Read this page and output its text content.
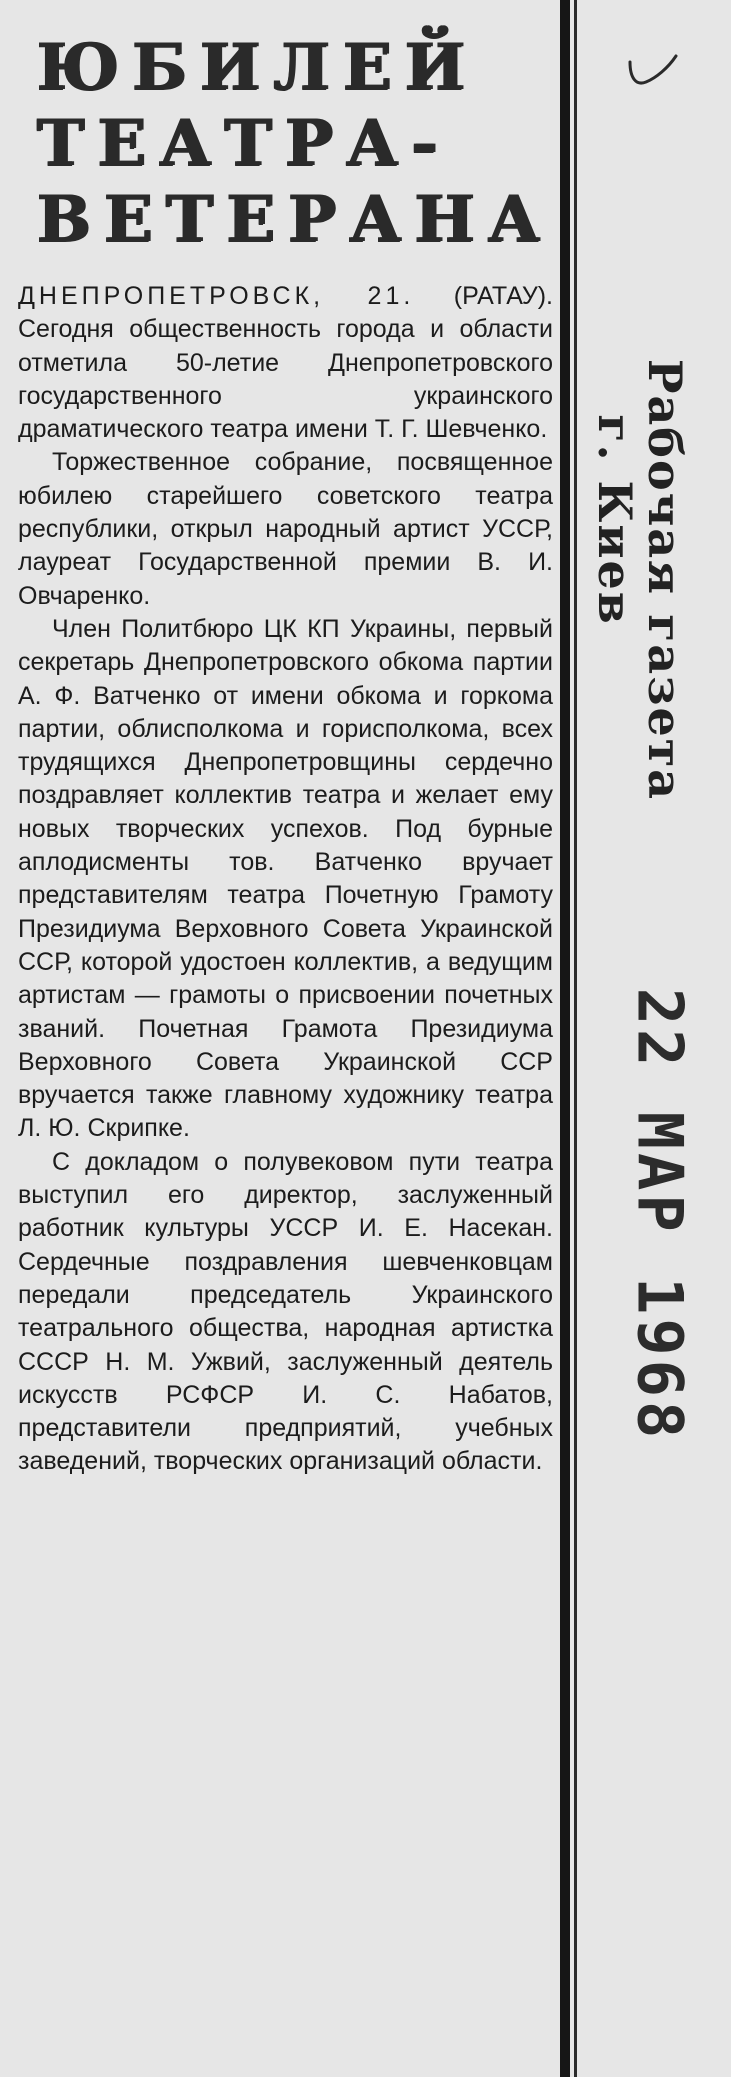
ЮБИЛЕЙ
ТЕАТРА-
ВЕТЕРАНА
ДНЕПРОПЕТРОВСК, 21. (РАТАУ). Сегодня общественность города и области отметила 50-летие Днепропетровского государственного украинского драматического театра имени Т. Г. Шевченко.

Торжественное собрание, посвященное юбилею старейшего советского театра республики, открыл народный артист УССР, лауреат Государственной премии В. И. Овчаренко.

Член Политбюро ЦК КП Украины, первый секретарь Днепропетровского обкома партии А. Ф. Ватченко от имени обкома и горкома партии, облисполкома и горисполкома, всех трудящихся Днепропетровщины сердечно поздравляет коллектив театра и желает ему новых творческих успехов. Под бурные аплодисменты тов. Ватченко вручает представителям театра Почетную Грамоту Президиума Верховного Совета Украинской ССР, которой удостоен коллектив, а ведущим артистам — грамоты о присвоении почетных званий. Почетная Грамота Президиума Верховного Совета Украинской ССР вручается также главному художнику театра Л. Ю. Скрипке.

С докладом о полувековом пути театра выступил его директор, заслуженный работник культуры УССР И. Е. Насекан. Сердечные поздравления шевченковцам передали председатель Украинского театрального общества, народная артистка СССР Н. М. Ужвий, заслуженный деятель искусств РСФСР И. С. Набатов, представители предприятий, учебных заведений, творческих организаций области.

Рабочая газета
г. Киев
22 МАР 1968
